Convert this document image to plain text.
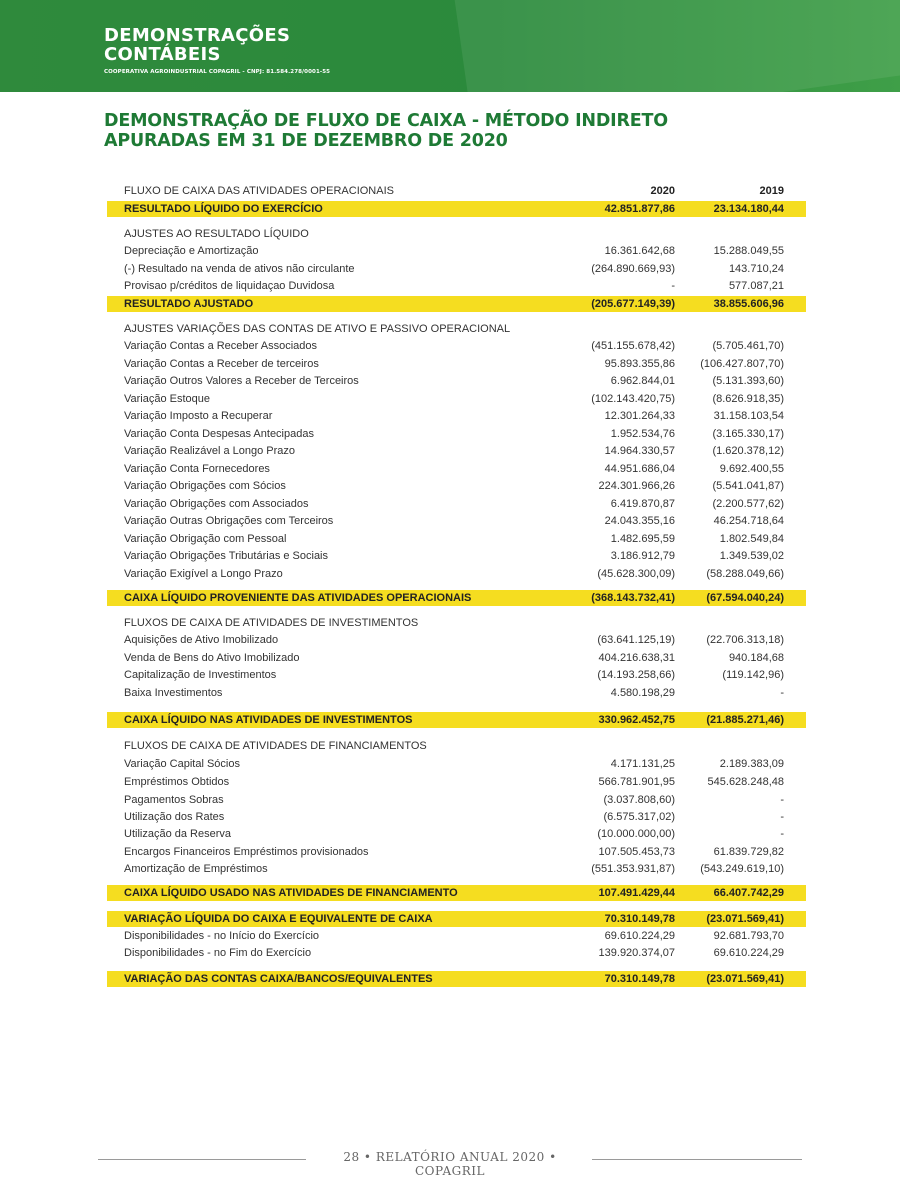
DEMONSTRAÇÕES
CONTÁBEIS
COOPERATIVA AGROINDUSTRIAL COPAGRIL - CNPJ: 81.584.278/0001-55
DEMONSTRAÇÃO DE FLUXO DE CAIXA - MÉTODO INDIRETO
APURADAS EM 31 DE DEZEMBRO DE 2020
FLUXO DE CAIXA DAS ATIVIDADES OPERACIONAIS	2020	2019
RESULTADO LÍQUIDO DO EXERCÍCIO	42.851.877,86	23.134.180,44
AJUSTES AO RESULTADO LÍQUIDO
Depreciação e Amortização	16.361.642,68	15.288.049,55
(-) Resultado na venda de ativos não circulante	(264.890.669,93)	143.710,24
Provisao p/créditos de liquidaçao Duvidosa	-	577.087,21
RESULTADO AJUSTADO	(205.677.149,39)	38.855.606,96
AJUSTES VARIAÇÕES DAS CONTAS DE ATIVO E PASSIVO OPERACIONAL
Variação Contas a Receber Associados	(451.155.678,42)	(5.705.461,70)
Variação Contas a Receber de terceiros	95.893.355,86 (106.427.807,70)
Variação Outros Valores a Receber de Terceiros	6.962.844,01	(5.131.393,60)
Variação Estoque	(102.143.420,75)	(8.626.918,35)
Variação Imposto a Recuperar	12.301.264,33	31.158.103,54
Variação Conta Despesas Antecipadas	1.952.534,76	(3.165.330,17)
Variação Realizável a Longo Prazo	14.964.330,57	(1.620.378,12)
Variação Conta Fornecedores	44.951.686,04	9.692.400,55
Variação Obrigações com Sócios	224.301.966,26	(5.541.041,87)
Variação Obrigações com Associados	6.419.870,87	(2.200.577,62)
Variação Outras Obrigações com Terceiros	24.043.355,16	46.254.718,64
Variação Obrigação com Pessoal	1.482.695,59	1.802.549,84
Variação Obrigações Tributárias e Sociais	3.186.912,79	1.349.539,02
Variação Exigível a Longo Prazo	(45.628.300,09)	(58.288.049,66)
CAIXA LÍQUIDO PROVENIENTE DAS ATIVIDADES OPERACIONAIS	(368.143.732,41)	(67.594.040,24)
FLUXOS DE CAIXA DE ATIVIDADES DE INVESTIMENTOS
Aquisições de Ativo Imobilizado	(63.641.125,19)	(22.706.313,18)
Venda de Bens do Ativo Imobilizado	404.216.638,31	940.184,68
Capitalização de Investimentos	(14.193.258,66)	(119.142,96)
Baixa Investimentos	4.580.198,29	-
CAIXA LÍQUIDO NAS ATIVIDADES DE INVESTIMENTOS	330.962.452,75	(21.885.271,46)
FLUXOS DE CAIXA DE ATIVIDADES DE FINANCIAMENTOS
Variação Capital Sócios	4.171.131,25	2.189.383,09
Empréstimos Obtidos	566.781.901,95	545.628.248,48
Pagamentos Sobras	(3.037.808,60)	-
Utilização dos Rates	(6.575.317,02)	-
Utilização da Reserva	(10.000.000,00)	-
Encargos Financeiros Empréstimos provisionados	107.505.453,73	61.839.729,82
Amortização de Empréstimos	(551.353.931,87) (543.249.619,10)
CAIXA LÍQUIDO USADO NAS ATIVIDADES DE FINANCIAMENTO	107.491.429,44	66.407.742,29
VARIAÇÃO LÍQUIDA DO CAIXA E EQUIVALENTE DE CAIXA	70.310.149,78	(23.071.569,41)
Disponibilidades - no Início do Exercício	69.610.224,29	92.681.793,70
Disponibilidades - no Fim do Exercício	139.920.374,07	69.610.224,29
VARIAÇÃO DAS CONTAS CAIXA/BANCOS/EQUIVALENTES	70.310.149,78	(23.071.569,41)
28 • RELATÓRIO ANUAL 2020 • COPAGRIL
